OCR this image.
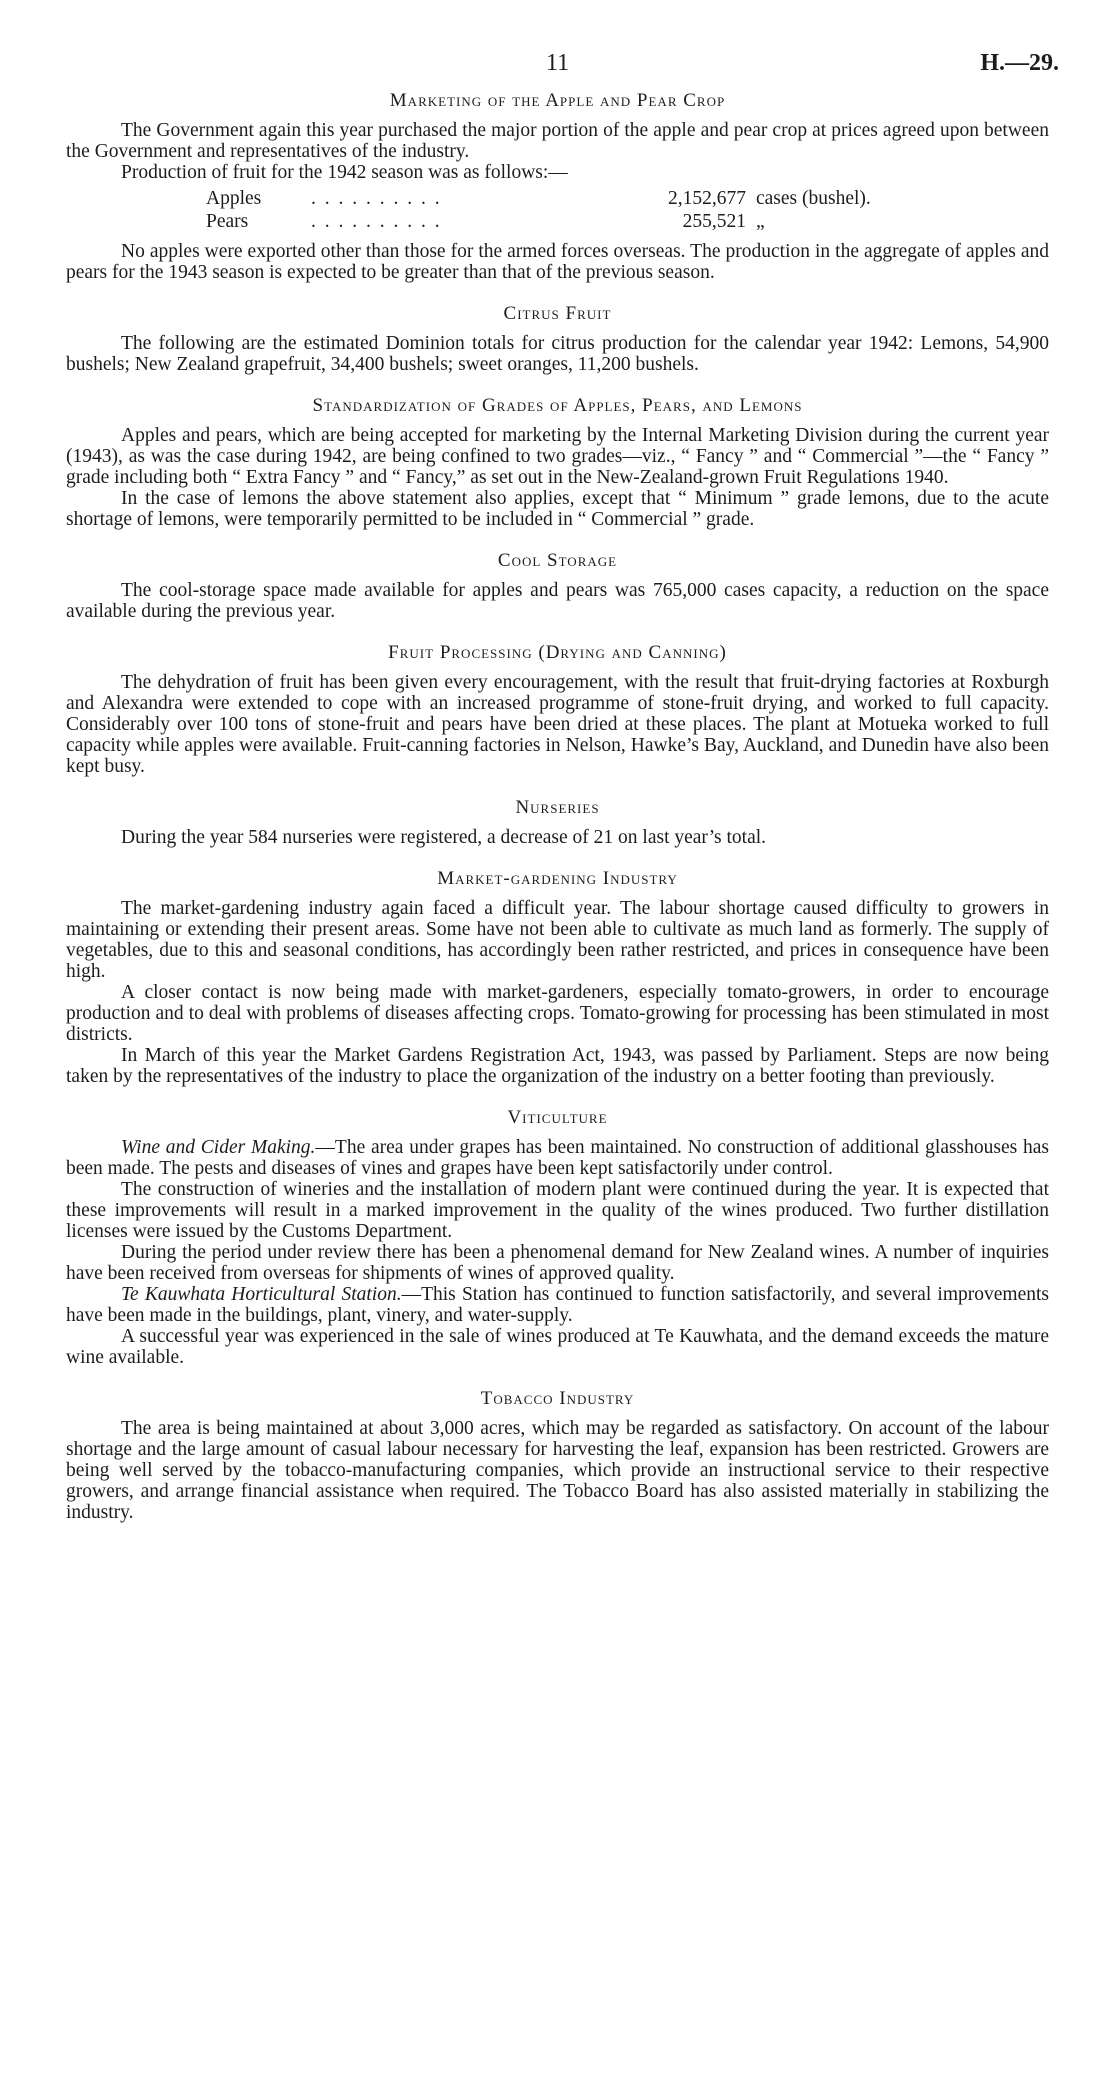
11	H.—29.
Marketing of the Apple and Pear Crop

The Government again this year purchased the major portion of the apple and pear crop at prices agreed upon between the Government and representatives of the industry.

Production of fruit for the 1942 season was as follows:—

Apples	. . . . . . . . . .	2,152,677 cases (bushel).
Pears	. . . . . . . . . .	255,521 „

No apples were exported other than those for the armed forces overseas. The production in the aggregate of apples and pears for the 1943 season is expected to be greater than that of the previous season.

Citrus Fruit

The following are the estimated Dominion totals for citrus production for the calendar year 1942: Lemons, 54,900 bushels; New Zealand grapefruit, 34,400 bushels; sweet oranges, 11,200 bushels.

Standardization of Grades of Apples, Pears, and Lemons

Apples and pears, which are being accepted for marketing by the Internal Marketing Division during the current year (1943), as was the case during 1942, are being confined to two grades—viz., “ Fancy ” and “ Commercial ”—the “ Fancy ” grade including both “ Extra Fancy ” and “ Fancy,” as set out in the New-Zealand-grown Fruit Regulations 1940.

In the case of lemons the above statement also applies, except that “ Minimum ” grade lemons, due to the acute shortage of lemons, were temporarily permitted to be included in “ Commercial ” grade.

Cool Storage

The cool-storage space made available for apples and pears was 765,000 cases capacity, a reduction on the space available during the previous year.

Fruit Processing (Drying and Canning)

The dehydration of fruit has been given every encouragement, with the result that fruit-drying factories at Roxburgh and Alexandra were extended to cope with an increased programme of stone-fruit drying, and worked to full capacity. Considerably over 100 tons of stone-fruit and pears have been dried at these places. The plant at Motueka worked to full capacity while apples were available. Fruit-canning factories in Nelson, Hawke’s Bay, Auckland, and Dunedin have also been kept busy.

Nurseries

During the year 584 nurseries were registered, a decrease of 21 on last year’s total.

Market-gardening Industry

The market-gardening industry again faced a difficult year. The labour shortage caused difficulty to growers in maintaining or extending their present areas. Some have not been able to cultivate as much land as formerly. The supply of vegetables, due to this and seasonal conditions, has accordingly been rather restricted, and prices in consequence have been high.

A closer contact is now being made with market-gardeners, especially tomato-growers, in order to encourage production and to deal with problems of diseases affecting crops. Tomato-growing for processing has been stimulated in most districts.

In March of this year the Market Gardens Registration Act, 1943, was passed by Parliament. Steps are now being taken by the representatives of the industry to place the organization of the industry on a better footing than previously.

Viticulture

Wine and Cider Making.—The area under grapes has been maintained. No construction of additional glasshouses has been made. The pests and diseases of vines and grapes have been kept satisfactorily under control.

The construction of wineries and the installation of modern plant were continued during the year. It is expected that these improvements will result in a marked improvement in the quality of the wines produced. Two further distillation licenses were issued by the Customs Department.

During the period under review there has been a phenomenal demand for New Zealand wines. A number of inquiries have been received from overseas for shipments of wines of approved quality.

Te Kauwhata Horticultural Station.—This Station has continued to function satisfactorily, and several improvements have been made in the buildings, plant, vinery, and water-supply.

A successful year was experienced in the sale of wines produced at Te Kauwhata, and the demand exceeds the mature wine available.

Tobacco Industry

The area is being maintained at about 3,000 acres, which may be regarded as satisfactory. On account of the labour shortage and the large amount of casual labour necessary for harvesting the leaf, expansion has been restricted. Growers are being well served by the tobacco-manufacturing companies, which provide an instructional service to their respective growers, and arrange financial assistance when required. The Tobacco Board has also assisted materially in stabilizing the industry.
